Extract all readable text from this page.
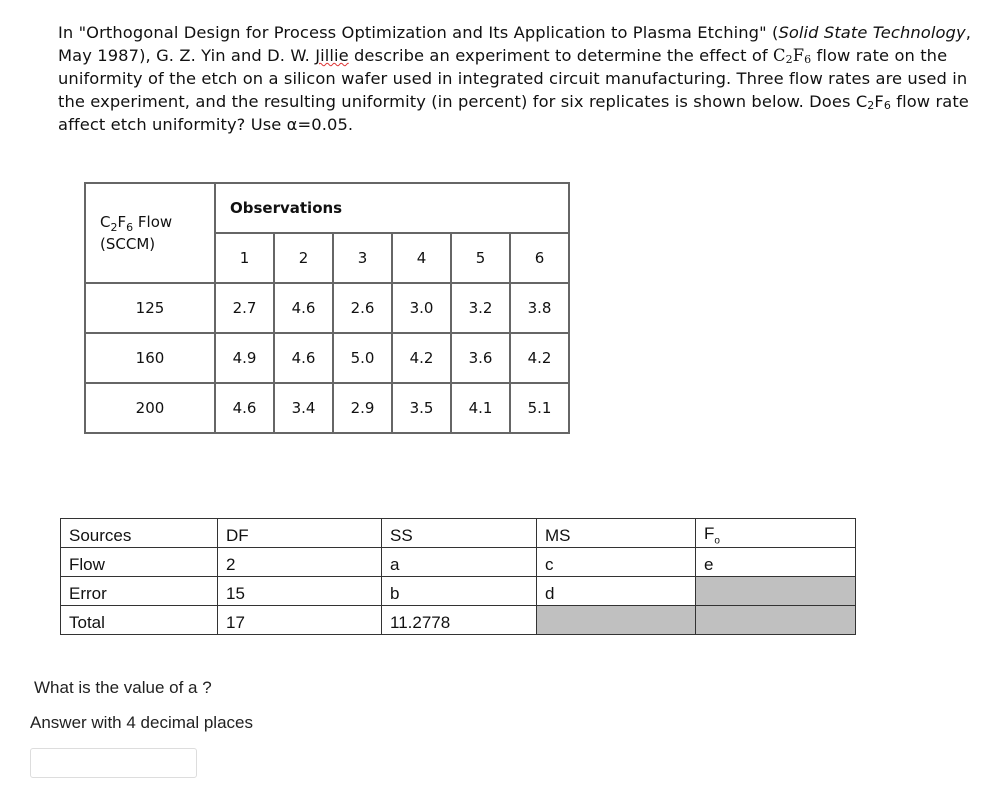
In "Orthogonal Design for Process Optimization and Its Application to Plasma Etching" (Solid State Technology, May 1987), G. Z. Yin and D. W. Jillie describe an experiment to determine the effect of $C_2F_6$ flow rate on the uniformity of the etch on a silicon wafer used in integrated circuit manufacturing. Three flow rates are used in the experiment, and the resulting uniformity (in percent) for six replicates is shown below. Does $C_2F_6$ flow rate affect etch uniformity? Use α=0.05.
$C_2F_6$ Flow
(SCCM)	Observations					
	1	2	3	4	5	6
125	2.7	4.6	2.6	3.0	3.2	3.8
160	4.9	4.6	5.0	4.2	3.6	4.2
200	4.6	3.4	2.9	3.5	4.1	5.1
Sources	DF	SS	MS	$F_o$
Flow	2	a	c	e
Error	15	b	d	
Total	17	11.2778		
What is the value of a ?
Answer with 4 decimal places
